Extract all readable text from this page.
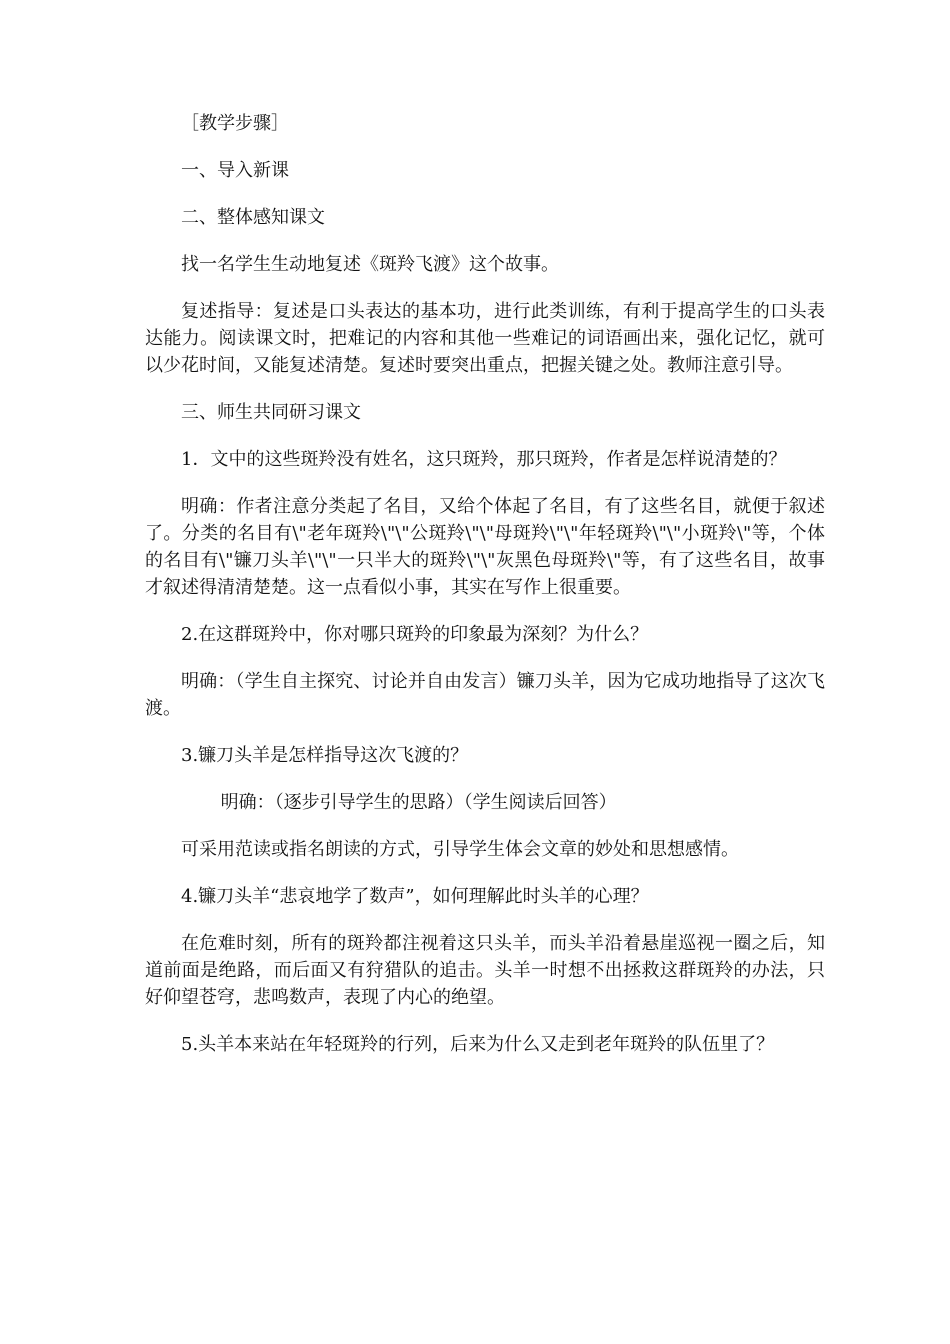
［教学步骤］

一、导入新课

二、整体感知课文

找一名学生生动地复述《斑羚飞渡》这个故事。

复述指导：复述是口头表达的基本功，进行此类训练，有利于提高学生的口头表达能力。阅读课文时，把难记的内容和其他一些难记的词语画出来，强化记忆，就可以少花时间，又能复述清楚。复述时要突出重点，把握关键之处。教师注意引导。

三、师生共同研习课文

1．文中的这些斑羚没有姓名，这只斑羚，那只斑羚，作者是怎样说清楚的？

明确：作者注意分类起了名目，又给个体起了名目，有了这些名目，就便于叙述了。分类的名目有\"老年斑羚\"\"公斑羚\"\"母斑羚\"\"年轻斑羚\"\"小斑羚\"等，个体的名目有\"镰刀头羊\"\"一只半大的斑羚\"\"灰黑色母斑羚\"等，有了这些名目，故事才叙述得清清楚楚。这一点看似小事，其实在写作上很重要。

2.在这群斑羚中，你对哪只斑羚的印象最为深刻？为什么？

明确：（学生自主探究、讨论并自由发言）镰刀头羊，因为它成功地指导了这次飞渡。

3.镰刀头羊是怎样指导这次飞渡的？

明确：（逐步引导学生的思路）（学生阅读后回答）

可采用范读或指名朗读的方式，引导学生体会文章的妙处和思想感情。

4.镰刀头羊“悲哀地学了数声”，如何理解此时头羊的心理？

在危难时刻，所有的斑羚都注视着这只头羊，而头羊沿着悬崖巡视一圈之后，知道前面是绝路，而后面又有狩猎队的追击。头羊一时想不出拯救这群斑羚的办法，只好仰望苍穹，悲鸣数声，表现了内心的绝望。

5.头羊本来站在年轻斑羚的行列，后来为什么又走到老年斑羚的队伍里了？
